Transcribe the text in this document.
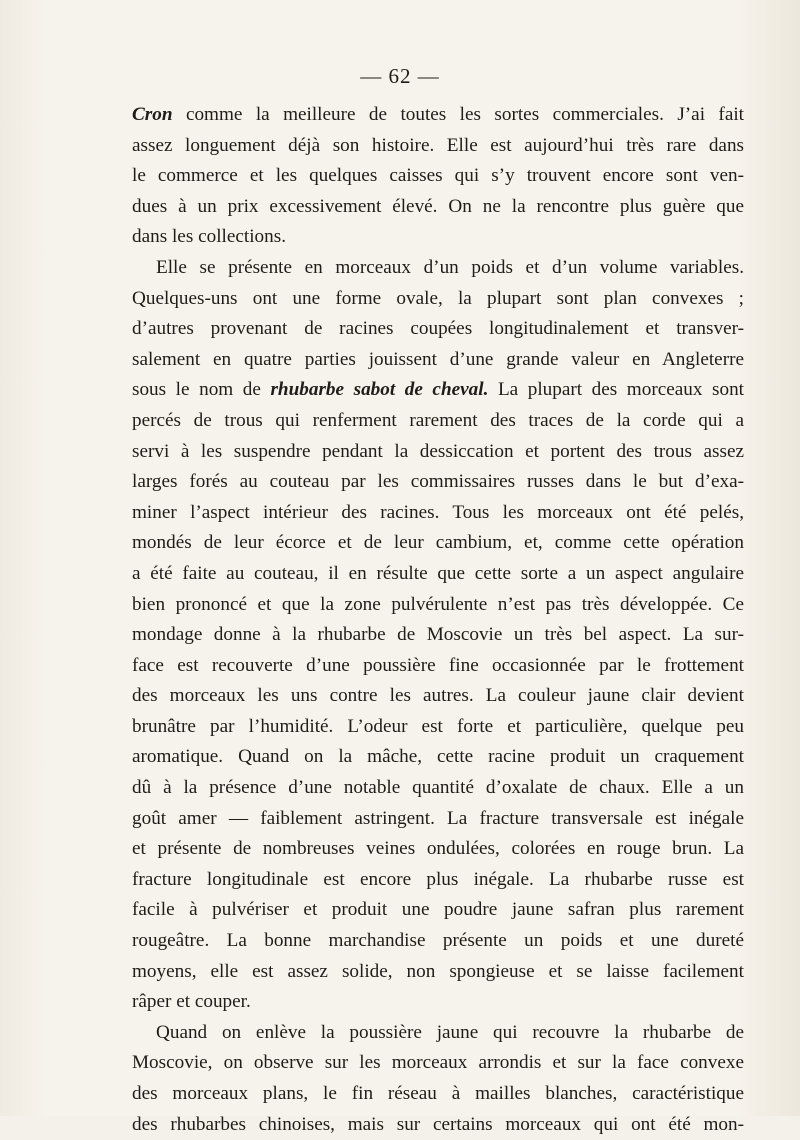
— 62 —
Cron comme la meilleure de toutes les sortes commerciales. J’ai fait
assez longuement déjà son histoire. Elle est aujourd’hui très rare dans
le commerce et les quelques caisses qui s’y trouvent encore sont ven-
dues à un prix excessivement élevé. On ne la rencontre plus guère que
dans les collections.
Elle se présente en morceaux d’un poids et d’un volume variables.
Quelques-uns ont une forme ovale, la plupart sont plan convexes ;
d’autres provenant de racines coupées longitudinalement et transver-
salement en quatre parties jouissent d’une grande valeur en Angleterre
sous le nom de rhubarbe sabot de cheval. La plupart des morceaux sont
percés de trous qui renferment rarement des traces de la corde qui a
servi à les suspendre pendant la dessiccation et portent des trous assez
larges forés au couteau par les commissaires russes dans le but d’exa-
miner l’aspect intérieur des racines. Tous les morceaux ont été pelés,
mondés de leur écorce et de leur cambium, et, comme cette opération
a été faite au couteau, il en résulte que cette sorte a un aspect angulaire
bien prononcé et que la zone pulvérulente n’est pas très développée. Ce
mondage donne à la rhubarbe de Moscovie un très bel aspect. La sur-
face est recouverte d’une poussière fine occasionnée par le frottement
des morceaux les uns contre les autres. La couleur jaune clair devient
brunâtre par l’humidité. L’odeur est forte et particulière, quelque peu
aromatique. Quand on la mâche, cette racine produit un craquement
dû à la présence d’une notable quantité d’oxalate de chaux. Elle a un
goût amer — faiblement astringent. La fracture transversale est inégale
et présente de nombreuses veines ondulées, colorées en rouge brun. La
fracture longitudinale est encore plus inégale. La rhubarbe russe est
facile à pulvériser et produit une poudre jaune safran plus rarement
rougeâtre. La bonne marchandise présente un poids et une dureté
moyens, elle est assez solide, non spongieuse et se laisse facilement
râper et couper.
Quand on enlève la poussière jaune qui recouvre la rhubarbe de
Moscovie, on observe sur les morceaux arrondis et sur la face convexe
des morceaux plans, le fin réseau à mailles blanches, caractéristique
des rhubarbes chinoises, mais sur certains morceaux qui ont été mon-
